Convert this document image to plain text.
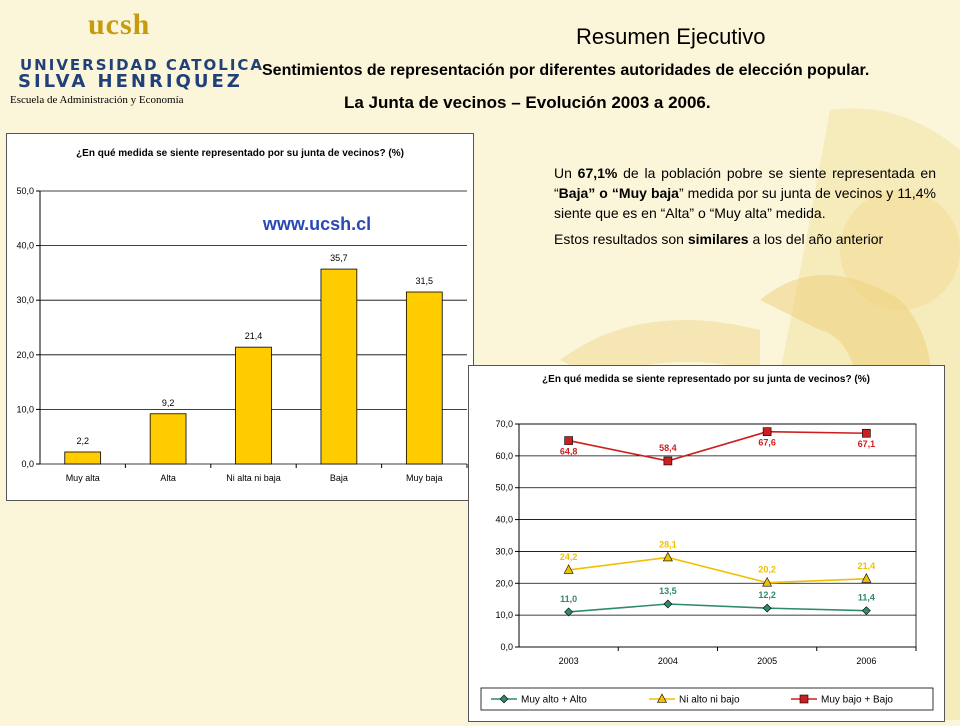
ucsh
UNIVERSIDAD CATOLICA
SILVA HENRIQUEZ
Escuela de Administración y Economía
Resumen Ejecutivo
Sentimientos de representación por diferentes autoridades de elección popular.
La Junta de vecinos – Evolución 2003 a 2006.

Un 67,1% de la población pobre se siente representada en “Baja” o “Muy baja” medida por su junta de vecinos y 11,4% siente que es en “Alta” o “Muy alta” medida.

Estos resultados son similares a los del año anterior

¿En qué medida se siente representado por su junta de vecinos? (%)
www.ucsh.cl
0,0
10,0
20,0
30,0
40,0
50,0
2,2
Muy alta
9,2
Alta
21,4
Ni alta ni baja
35,7
Baja
31,5
Muy baja
¿En qué medida se siente representado por su junta de vecinos? (%)
0,0
10,0
20,0
30,0
40,0
50,0
60,0
70,0
2003	2004	2005	2006
11,0
13,5	12,2	11,4
24,2
28,1
20,2	21,4
64,8	58,4
67,6	67,1
Muy alto + Alto	Ni alto ni bajo	Muy bajo + Bajo
